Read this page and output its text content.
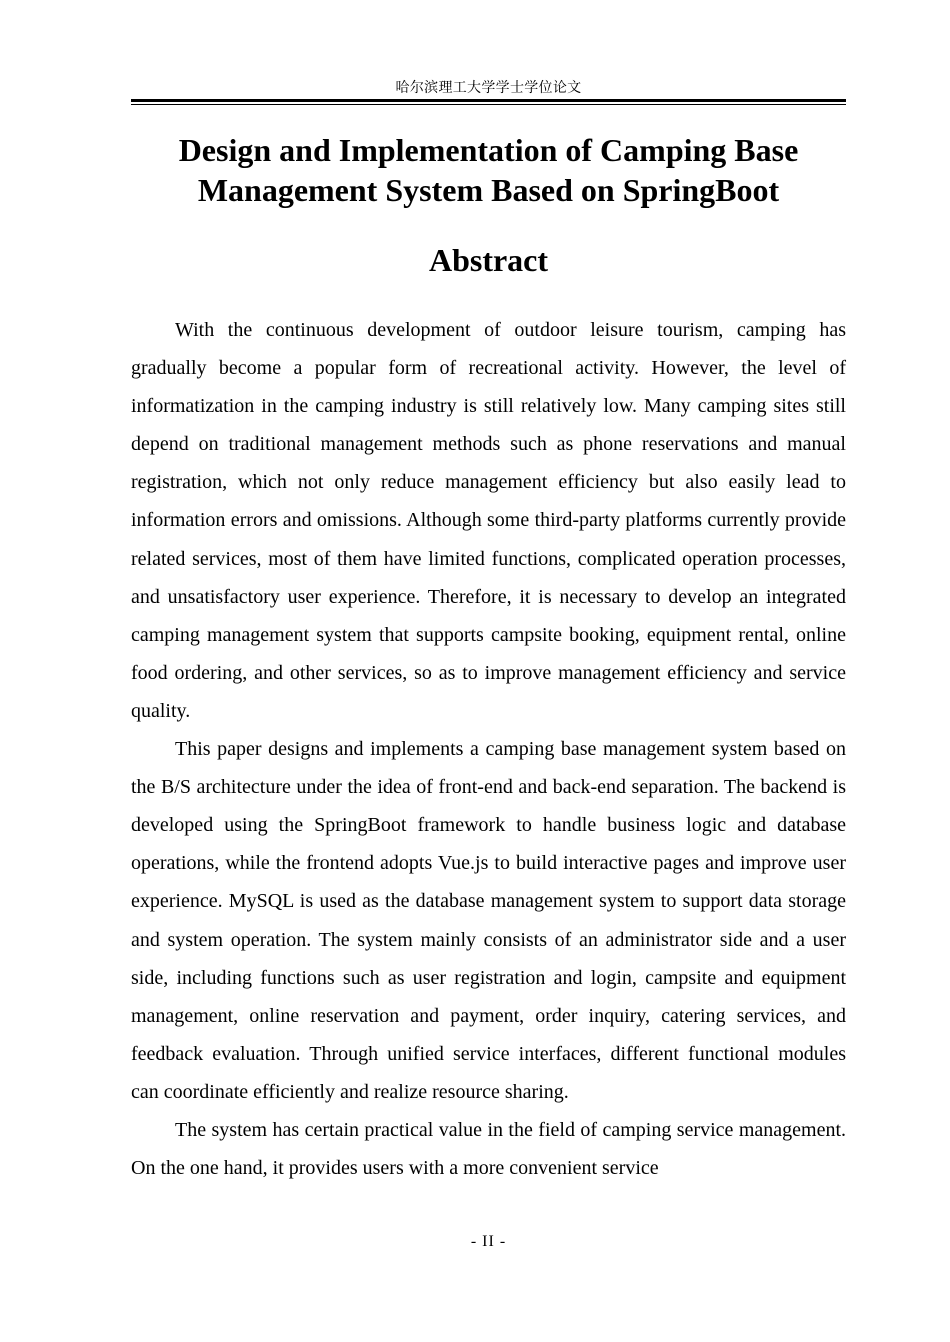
哈尔滨理工大学学士学位论文
Design and Implementation of Camping Base
Management System Based on SpringBoot
Abstract

With the continuous development of outdoor leisure tourism, camping has gradually become a popular form of recreational activity. However, the level of informatization in the camping industry is still relatively low. Many camping sites still depend on traditional management methods such as phone reservations and manual registration, which not only reduce management efficiency but also easily lead to information errors and omissions. Although some third-party platforms currently provide related services, most of them have limited functions, complicated operation processes, and unsatisfactory user experience. Therefore, it is necessary to develop an integrated camping management system that supports campsite booking, equipment rental, online food ordering, and other services, so as to improve management efficiency and service quality.

This paper designs and implements a camping base management system based on the B/S architecture under the idea of front-end and back-end separation. The backend is developed using the SpringBoot framework to handle business logic and database operations, while the frontend adopts Vue.js to build interactive pages and improve user experience. MySQL is used as the database management system to support data storage and system operation. The system mainly consists of an administrator side and a user side, including functions such as user registration and login, campsite and equipment management, online reservation and payment, order inquiry, catering services, and feedback evaluation. Through unified service interfaces, different functional modules can coordinate efficiently and realize resource sharing.

The system has certain practical value in the field of camping service management. On the one hand, it provides users with a more convenient service

- II -
